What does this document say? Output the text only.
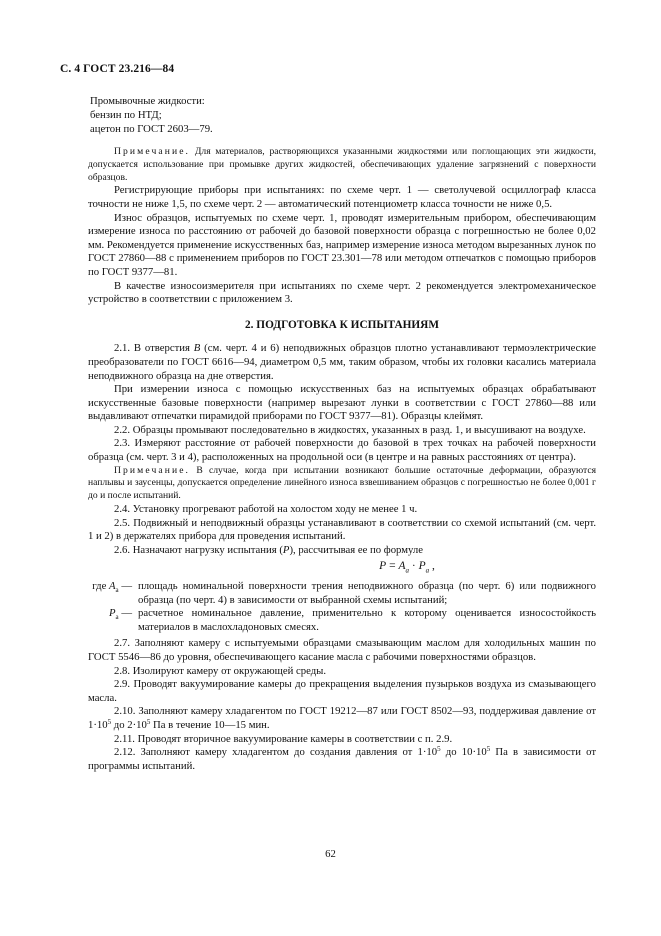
С. 4 ГОСТ 23.216—84
Промывочные жидкости:
бензин по НТД;
ацетон по ГОСТ 2603—79.

Примечание. Для материалов, растворяющихся указанными жидкостями или поглощающих эти жидкости, допускается использование при промывке других жидкостей, обеспечивающих удаление загрязнений с поверхности образцов.

Регистрирующие приборы при испытаниях: по схеме черт. 1 — светолучевой осциллограф класса точности не ниже 1,5, по схеме черт. 2 — автоматический потенциометр класса точности не ниже 0,5.

Износ образцов, испытуемых по схеме черт. 1, проводят измерительным прибором, обеспечивающим измерение износа по расстоянию от рабочей до базовой поверхности образца с погрешностью не более 0,02 мм. Рекомендуется применение искусственных баз, например измерение износа методом вырезанных лунок по ГОСТ 27860—88 с применением приборов по ГОСТ 23.301—78 или методом отпечатков с помощью приборов по ГОСТ 9377—81.

В качестве износоизмерителя при испытаниях по схеме черт. 2 рекомендуется электромеханическое устройство в соответствии с приложением 3.

2. ПОДГОТОВКА К ИСПЫТАНИЯМ

2.1. В отверстия B (см. черт. 4 и 6) неподвижных образцов плотно устанавливают термоэлектрические преобразователи по ГОСТ 6616—94, диаметром 0,5 мм, таким образом, чтобы их головки касались материала неподвижного образца на дне отверстия.

При измерении износа с помощью искусственных баз на испытуемых образцах обрабатывают искусственные базовые поверхности (например вырезают лунки в соответствии с ГОСТ 27860—88 или выдавливают отпечатки пирамидой приборами по ГОСТ 9377—81). Образцы клеймят.

2.2. Образцы промывают последовательно в жидкостях, указанных в разд. 1, и высушивают на воздухе.

2.3. Измеряют расстояние от рабочей поверхности до базовой в трех точках на рабочей поверхности образца (см. черт. 3 и 4), расположенных на продольной оси (в центре и на равных расстояниях от центра).

Примечание. В случае, когда при испытании возникают большие остаточные деформации, образуются наплывы и заусенцы, допускается определение линейного износа взвешиванием образцов с погрешностью не более 0,001 г до и после испытаний.

2.4. Установку прогревают работой на холостом ходу не менее 1 ч.

2.5. Подвижный и неподвижный образцы устанавливают в соответствии со схемой испытаний (см. черт. 1 и 2) в держателях прибора для проведения испытаний.

2.6. Назначают нагрузку испытания (P), рассчитывая ее по формуле

$P = A_a \cdot P_a$ ,
где $A_a$ — площадь номинальной поверхности трения неподвижного образца (по черт. 6) или подвижного образца (по черт. 4) в зависимости от выбранной схемы испытаний;
$P_a$ — расчетное номинальное давление, применительно к которому оценивается износостойкость материалов в маслохладоновых смесях.

2.7. Заполняют камеру с испытуемыми образцами смазывающим маслом для холодильных машин по ГОСТ 5546—86 до уровня, обеспечивающего касание масла с рабочими поверхностями образцов.

2.8. Изолируют камеру от окружающей среды.

2.9. Проводят вакуумирование камеры до прекращения выделения пузырьков воздуха из смазывающего масла.

2.10. Заполняют камеру хладагентом по ГОСТ 19212—87 или ГОСТ 8502—93, поддерживая давление от $1\cdot 10^5$ до $2\cdot 10^5$ Па в течение 10—15 мин.

2.11. Проводят вторичное вакуумирование камеры в соответствии с п. 2.9.

2.12. Заполняют камеру хладагентом до создания давления от $1\cdot 10^5$ до $10\cdot 10^5$ Па в зависимости от программы испытаний.

62
